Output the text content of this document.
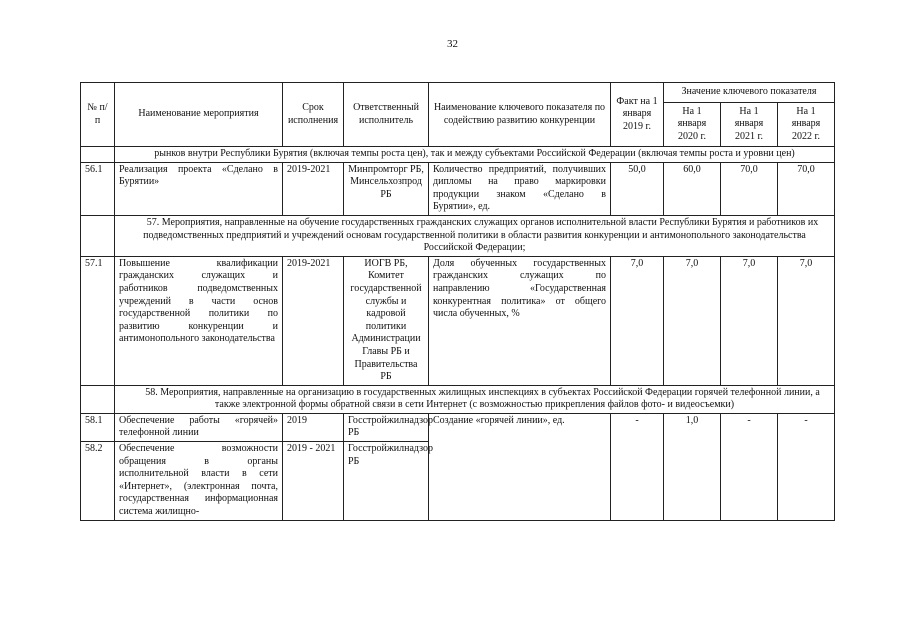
32
№ п/п	Наименование мероприятия	Срок исполнения	Ответственный исполнитель	Наименование ключевого показателя по содействию развитию конкуренции	Факт на 1 января 2019 г.	Значение ключевого показателя		
						На 1 января 2020 г.	На 1 января 2021 г.	На 1 января 2022 г.
	рынков внутри Республики Бурятия (включая темпы роста цен), так и между субъектами Российской Федерации (включая темпы роста и уровни цен)							
56.1	Реализация проекта «Сделано в Бурятии»	2019-2021	Минпромторг РБ, Минсельхозпрод РБ	Количество предприятий, получивших дипломы на право маркировки продукции знаком «Сделано в Бурятии», ед.	50,0	60,0	70,0	70,0
	57. Мероприятия, направленные на обучение государственных гражданских служащих органов исполнительной власти Республики Бурятия и работников их подведомственных предприятий и учреждений основам государственной политики в области развития конкуренции и антимонопольного законодательства Российской Федерации;							
57.1	Повышение квалификации гражданских служащих и работников подведомственных учреждений в части основ государственной политики по развитию конкуренции и антимонопольного законодательства	2019-2021	ИОГВ РБ, Комитет государственной службы и кадровой политики Администрации Главы РБ и Правительства РБ	Доля обученных государственных гражданских служащих по направлению «Государственная конкурентная политика» от общего числа обученных, %	7,0	7,0	7,0	7,0
	58. Мероприятия, направленные на организацию в государственных жилищных инспекциях в субъектах Российской Федерации горячей телефонной линии, а также электронной формы обратной связи в сети Интернет (с возможностью прикрепления файлов фото- и видеосъемки)							
58.1	Обеспечение работы «горячей» телефонной линии	2019	Госстройжилнадзор РБ	Создание «горячей линии», ед.	-	1,0	-	-
58.2	Обеспечение возможности обращения в органы исполнительной власти в сети «Интернет», (электронная почта, государственная информационная система жилищно-	2019 - 2021	Госстройжилнадзор РБ					
